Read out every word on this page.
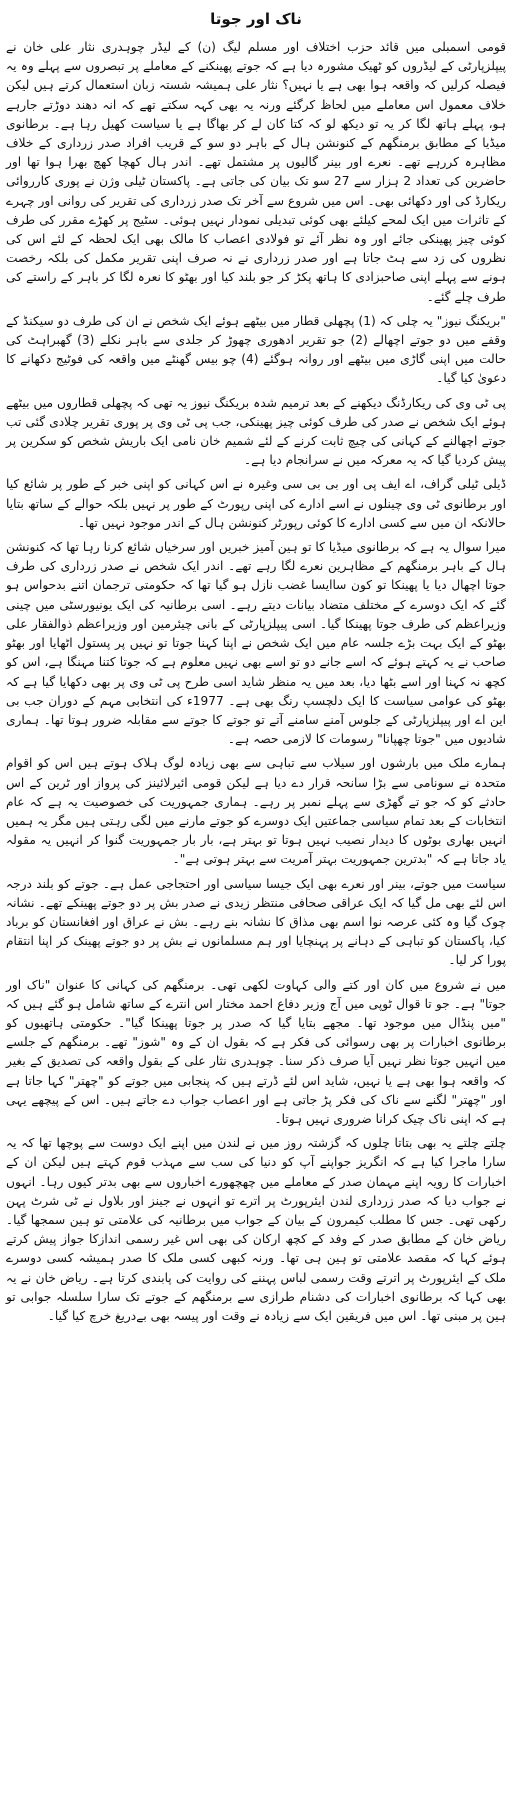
ناک اور جوتا

قومی اسمبلی میں قائد حزب اختلاف اور مسلم لیگ (ن) کے لیڈر چوہدری نثار علی خان نے پیپلزپارٹی کے لیڈروں کو ٹھیک مشورہ دیا ہے کہ جوتے پھینکنے کے معاملے پر تبصروں سے پہلے وہ یہ فیصلہ کرلیں کہ واقعہ ہوا بھی ہے یا نہیں؟ نثار علی ہمیشہ شستہ زبان استعمال کرتے ہیں لیکن خلاف معمول اس معاملے میں لحاظ کرگئے ورنہ یہ بھی کہہ سکتے تھے کہ انہ دھند دوڑتے جارہے ہو، پہلے ہاتھ لگا کر یہ تو دیکھ لو کہ کتا کان لے کر بھاگا ہے یا سیاست کھیل رہا ہے۔ برطانوی میڈیا کے مطابق برمنگھم کے کنونشن ہال کے باہر دو سو کے قریب افراد صدر زرداری کے خلاف مظاہرہ کررہے تھے۔ نعرے اور بینر گالیوں پر مشتمل تھے۔ اندر ہال کھچا کھچ بھرا ہوا تھا اور حاضرین کی تعداد 2 ہزار سے 27 سو تک بیان کی جاتی ہے۔ پاکستان ٹیلی وژن نے پوری کارروائی ریکارڈ کی اور دکھائی بھی۔ اس میں شروع سے آخر تک صدر زرداری کی تقریر کی روانی اور چہرے کے تاثرات میں ایک لمحے کیلئے بھی کوئی تبدیلی نمودار نہیں ہوئی۔ سٹیج پر کھڑے مقرر کی طرف کوئی چیز پھینکی جائے اور وہ نظر آئے تو فولادی اعصاب کا مالک بھی ایک لحظہ کے لئے اس کی نظروں کی زد سے ہٹ جاتا ہے اور صدر زرداری نے نہ صرف اپنی تقریر مکمل کی بلکہ رخصت ہونے سے پہلے اپنی صاحبزادی کا ہاتھ پکڑ کر جو بلند کیا اور بھٹو کا نعرہ لگا کر باہر کے راستے کی طرف چلے گئے۔

"بریکنگ نیوز" یہ چلی کہ (1) پچھلی قطار میں بیٹھے ہوئے ایک شخص نے ان کی طرف دو سیکنڈ کے وقفے میں دو جوتے اچھالے (2) جو تقریر ادھوری چھوڑ کر جلدی سے باہر نکلے (3) گھبراہٹ کی حالت میں اپنی گاڑی میں بیٹھے اور روانہ ہوگئے (4) چو بیس گھنٹے میں واقعہ کی فوٹیج دکھانے کا دعویٰ کیا گیا۔

پی ٹی وی کی ریکارڈنگ دیکھنے کے بعد ترمیم شدہ بریکنگ نیوز یہ تھی کہ پچھلی قطاروں میں بیٹھے ہوئے ایک شخص نے صدر کی طرف کوئی چیز پھینکی، جب پی ٹی وی پر پوری تقریر چلادی گئی تب جوتے اچھالنے کے کہانی کی چیچ ثابت کرنے کے لئے شمیم خان نامی ایک باریش شخص کو سکرین پر پیش کردیا گیا کہ یہ معرکہ میں نے سرانجام دیا ہے۔

ڈیلی ٹیلی گراف، اے ایف پی اور بی بی سی وغیرہ نے اس کہانی کو اپنی خبر کے طور پر شائع کیا اور برطانوی ٹی وی چینلوں نے اسے ادارے کی اپنی رپورٹ کے طور پر نہیں بلکہ حوالے کے ساتھ بتایا حالانکہ ان میں سے کسی ادارے کا کوئی رپورٹر کنونشن ہال کے اندر موجود نہیں تھا۔

میرا سوال یہ ہے کہ برطانوی میڈیا کا تو ہین آمیز خبریں اور سرخیاں شائع کرنا رہا تھا کہ کنونشن ہال کے باہر برمنگھم کے مظاہرین نعرے لگا رہے تھے۔ اندر ایک شخص نے صدر زرداری کی طرف جوتا اچھال دیا یا پھینکا تو کون ساایسا غضب نازل ہو گیا تھا کہ حکومتی ترجمان اتنے بدحواس ہو گئے کہ ایک دوسرے کے مختلف متضاد بیانات دیتے رہے۔ اسی برطانیہ کی ایک یونیورسٹی میں چینی وزیراعظم کی طرف جوتا پھینکا گیا۔ اسی پیپلزپارٹی کے بانی چیئرمین اور وزیراعظم ذوالفقار علی بھٹو کے ایک بہت بڑے جلسہ عام میں ایک شخص نے اپنا کہنا جوتا تو نہیں پر پستول اٹھایا اور بھٹو صاحب نے یہ کہتے ہوئے کہ اسے جانے دو تو اسے بھی نہیں معلوم ہے کہ جوتا کتنا مہنگا ہے، اس کو کچھ نہ کہنا اور اسے بٹھا دیا، بعد میں یہ منظر شاید اسی طرح پی ٹی وی پر بھی دکھایا گیا ہے کہ بھٹو کی عوامی سیاست کا ایک دلچسپ رنگ بھی ہے۔ 1977ء کی انتخابی مہم کے دوران جب بی این اے اور پیپلزپارٹی کے جلوس آمنے سامنے آتے تو جوتے کا جوتے سے مقابلہ ضرور ہوتا تھا۔ ہماری شادیوں میں "جوتا چھپانا" رسومات کا لازمی حصہ ہے۔

ہمارے ملک میں بارشوں اور سیلاب سے تباہی سے بھی زیادہ لوگ ہلاک ہوتے ہیں اس کو اقوام متحدہ نے سونامی سے بڑا سانحہ قرار دے دیا ہے لیکن قومی ائیرلائینز کی پرواز اور ٹرین کے اس حادثے کو کہ جو تے گھڑی سے پہلے نمبر پر رہے۔ ہماری جمہوریت کی خصوصیت یہ ہے کہ عام انتخابات کے بعد تمام سیاسی جماعتیں ایک دوسرے کو جوتے مارنے میں لگی رہتی ہیں مگر یہ ہمیں انہیں بھاری بوٹوں کا دیدار نصیب نہیں ہوتا تو بہتر ہے، بار بار جمہوریت گنوا کر انہیں یہ مقولہ یاد جاتا ہے کہ "بدترین جمہوریت بہتر آمریت سے بہتر ہوتی ہے"۔

سیاست میں جوتے، بینر اور نعرے بھی ایک جیسا سیاسی اور احتجاجی عمل ہے۔ جوتے کو بلند درجہ اس لئے بھی مل گیا کہ ایک عراقی صحافی منتظر زیدی نے صدر بش پر دو جوتے پھینکے تھے۔ نشانہ چوک گیا وہ کئی عرصہ نوا اسم بھی مذاق کا نشانہ بنے رہے۔ بش نے عراق اور افغانستان کو برباد کیا، پاکستان کو تباہی کے دہانے پر پہنچایا اور ہم مسلمانوں نے بش پر دو جوتے پھینک کر اپنا انتقام پورا کر لیا۔

میں نے شروع میں کان اور کتے والی کہاوت لکھی تھی۔ برمنگھم کی کہانی کا عنوان "ناک اور جوتا" ہے۔ جو تا قوال ٹوپی میں آج وزیر دفاع احمد مختار اس انترے کے ساتھ شامل ہو گئے ہیں کہ "میں پنڈال میں موجود تھا۔ مجھے بتایا گیا کہ صدر پر جوتا پھینکا گیا"۔ حکومتی ہاتھیوں کو برطانوی اخبارات پر بھی رسوائی کی فکر ہے کہ بقول ان کے وہ "شوز" تھے۔ برمنگھم کے جلسے میں انہیں جوتا نظر نہیں آیا صرف ذکر سنا۔ چوہدری نثار علی کے بقول واقعہ کی تصدیق کے بغیر کہ واقعہ ہوا بھی ہے یا نہیں، شاید اس لئے ڈرتے ہیں کہ پنجابی میں جوتے کو "چھتر" کہا جاتا ہے اور "چھتر" لگنے سے ناک کی فکر پڑ جاتی ہے اور اعصاب جواب دے جاتے ہیں۔ اس کے پیچھے یہی ہے کہ اپنی ناک چیک کرانا ضروری نہیں ہوتا۔

چلتے چلتے یہ بھی بتاتا چلوں کہ گزشتہ روز میں نے لندن میں اپنے ایک دوست سے پوچھا تھا کہ یہ سارا ماجرا کیا ہے کہ انگریز جواپنے آپ کو دنیا کی سب سے مہذب قوم کہتے ہیں لیکن ان کے اخبارات کا رویہ اپنے مہمان صدر کے معاملے میں چھچھورے اخباروں سے بھی بدتر کیوں رہا۔ انہوں نے جواب دیا کہ صدر زرداری لندن ایئرپورٹ پر اترے تو انہوں نے جینز اور بلاول نے ٹی شرٹ پہن رکھی تھی۔ جس کا مطلب کیمرون کے بیان کے جواب میں برطانیہ کی علامتی تو ہین سمجھا گیا۔ ریاض خان کے مطابق صدر کے وفد کے کچھ ارکان کی بھی اس غیر رسمی اندازکا جواز پیش کرتے ہوئے کہا کہ مقصد علامتی تو ہین ہی تھا۔ ورنہ کبھی کسی ملک کا صدر ہمیشہ کسی دوسرے ملک کے ایئرپورٹ پر اترتے وقت رسمی لباس پہننے کی روایت کی پابندی کرتا ہے۔ ریاض خان نے یہ بھی کہا کہ برطانوی اخبارات کی دشنام طرازی سے برمنگھم کے جوتے تک سارا سلسلہ جوابی تو ہین پر مبنی تھا۔ اس میں فریقین ایک سے زیادہ نے وقت اور پیسہ بھی بےدریغ خرچ کیا گیا۔
